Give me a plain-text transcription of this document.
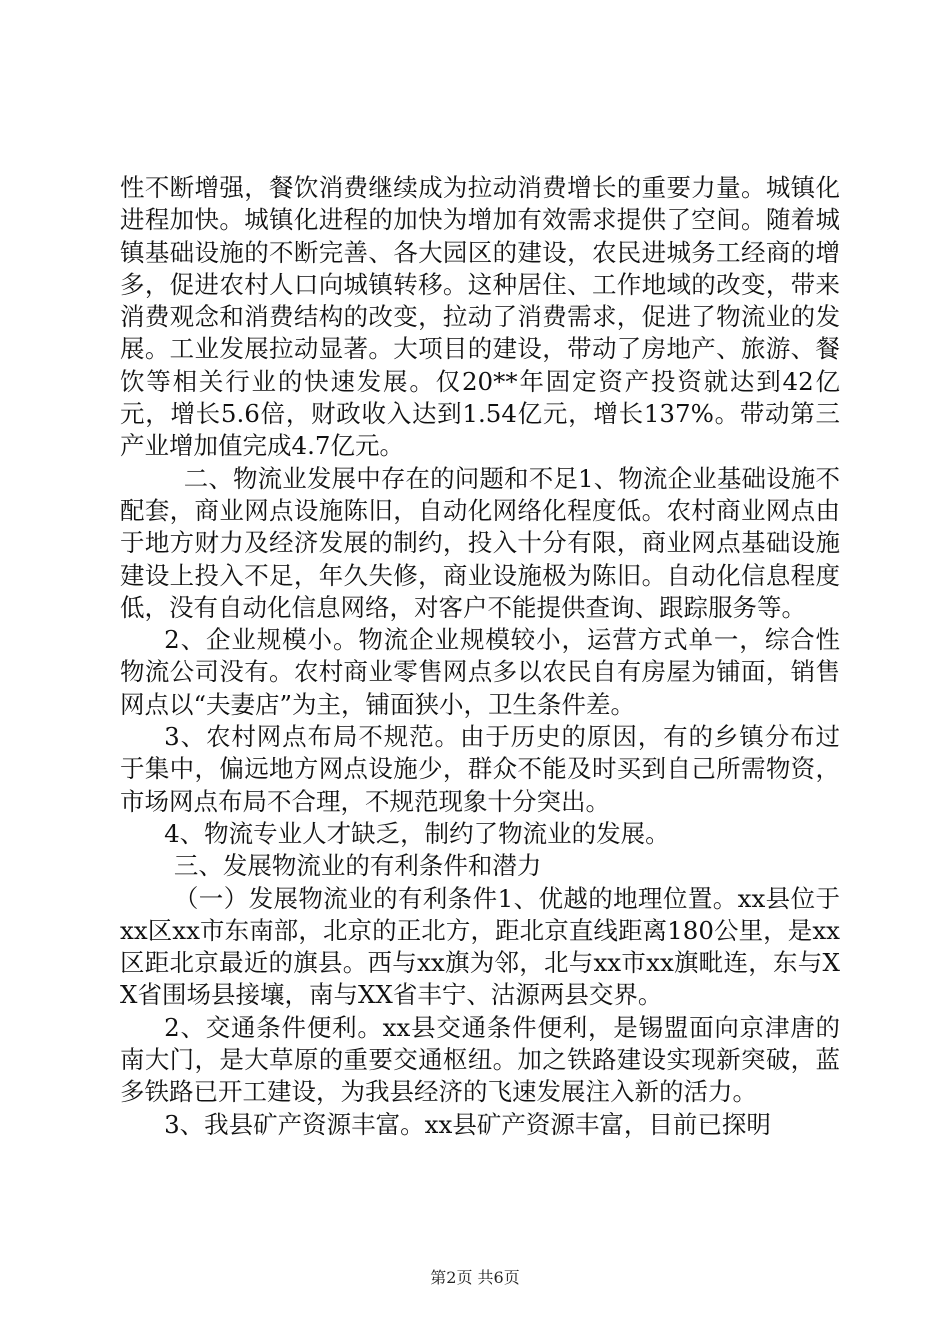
性不断增强，餐饮消费继续成为拉动消费增长的重要力量。城镇化进程加快。城镇化进程的加快为增加有效需求提供了空间。随着城镇基础设施的不断完善、各大园区的建设，农民进城务工经商的增多，促进农村人口向城镇转移。这种居住、工作地域的改变，带来消费观念和消费结构的改变，拉动了消费需求，促进了物流业的发展。工业发展拉动显著。大项目的建设，带动了房地产、旅游、餐饮等相关行业的快速发展。仅20**年固定资产投资就达到42亿元，增长5.6倍，财政收入达到1.54亿元，增长137%。带动第三产业增加值完成4.7亿元。

二、物流业发展中存在的问题和不足1、物流企业基础设施不配套，商业网点设施陈旧，自动化网络化程度低。农村商业网点由于地方财力及经济发展的制约，投入十分有限，商业网点基础设施建设上投入不足，年久失修，商业设施极为陈旧。自动化信息程度低，没有自动化信息网络，对客户不能提供查询、跟踪服务等。

2、企业规模小。物流企业规模较小，运营方式单一，综合性物流公司没有。农村商业零售网点多以农民自有房屋为铺面，销售网点以“夫妻店”为主，铺面狭小，卫生条件差。

3、农村网点布局不规范。由于历史的原因，有的乡镇分布过于集中，偏远地方网点设施少，群众不能及时买到自己所需物资，市场网点布局不合理，不规范现象十分突出。

4、物流专业人才缺乏，制约了物流业的发展。

三、发展物流业的有利条件和潜力

（一）发展物流业的有利条件1、优越的地理位置。xx县位于xx区xx市东南部，北京的正北方，距北京直线距离180公里，是xx区距北京最近的旗县。西与xx旗为邻，北与xx市xx旗毗连，东与XX省围场县接壤，南与XX省丰宁、沽源两县交界。

2、交通条件便利。xx县交通条件便利，是锡盟面向京津唐的南大门，是大草原的重要交通枢纽。加之铁路建设实现新突破，蓝多铁路已开工建设，为我县经济的飞速发展注入新的活力。

3、我县矿产资源丰富。xx县矿产资源丰富，目前已探明

第2页 共6页
